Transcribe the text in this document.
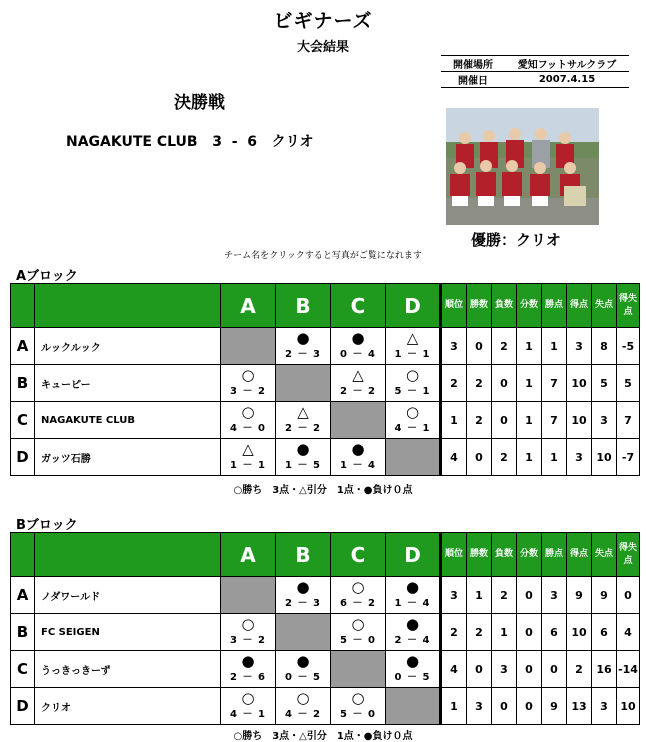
ビギナーズ
大会結果
開催場所	愛知フットサルクラブ
開催日	2007.4.15
決勝戦
NAGAKUTE CLUB 3 - 6 クリオ
優勝：クリオ
チーム名をクリックすると写真がご覧になれます
Aブロック
		A	B	C	D	順位	勝数	負数	分数	勝点	得点	失点	得失点
A	ルックルック		●
2 － 3	●
0 － 4	△
1 － 1	3	0	2	1	1	3	8	-5
B	キューピー	○
3 － 2		△
2 － 2	○
5 － 1	2	2	0	1	7	10	5	5
C	NAGAKUTE CLUB	○
4 － 0	△
2 － 2		○
4 － 1	1	2	0	1	7	10	3	7
D	ガッツ石勝	△
1 － 1	●
1 － 5	●
1 － 4		4	0	2	1	1	3	10	-7
○勝ち　3点・△引分　1点・●負け０点
Bブロック
		A	B	C	D	順位	勝数	負数	分数	勝点	得点	失点	得失点
A	ノダワールド		●
2 － 3	○
6 － 2	●
1 － 4	3	1	2	0	3	9	9	0
B	FC SEIGEN	○
3 － 2		○
5 － 0	●
2 － 4	2	2	1	0	6	10	6	4
C	うっきっきーず	●
2 － 6	●
0 － 5		●
0 － 5	4	0	3	0	0	2	16	-14
D	クリオ	○
4 － 1	○
4 － 2	○
5 － 0		1	3	0	0	9	13	3	10
○勝ち　3点・△引分　1点・●負け０点
